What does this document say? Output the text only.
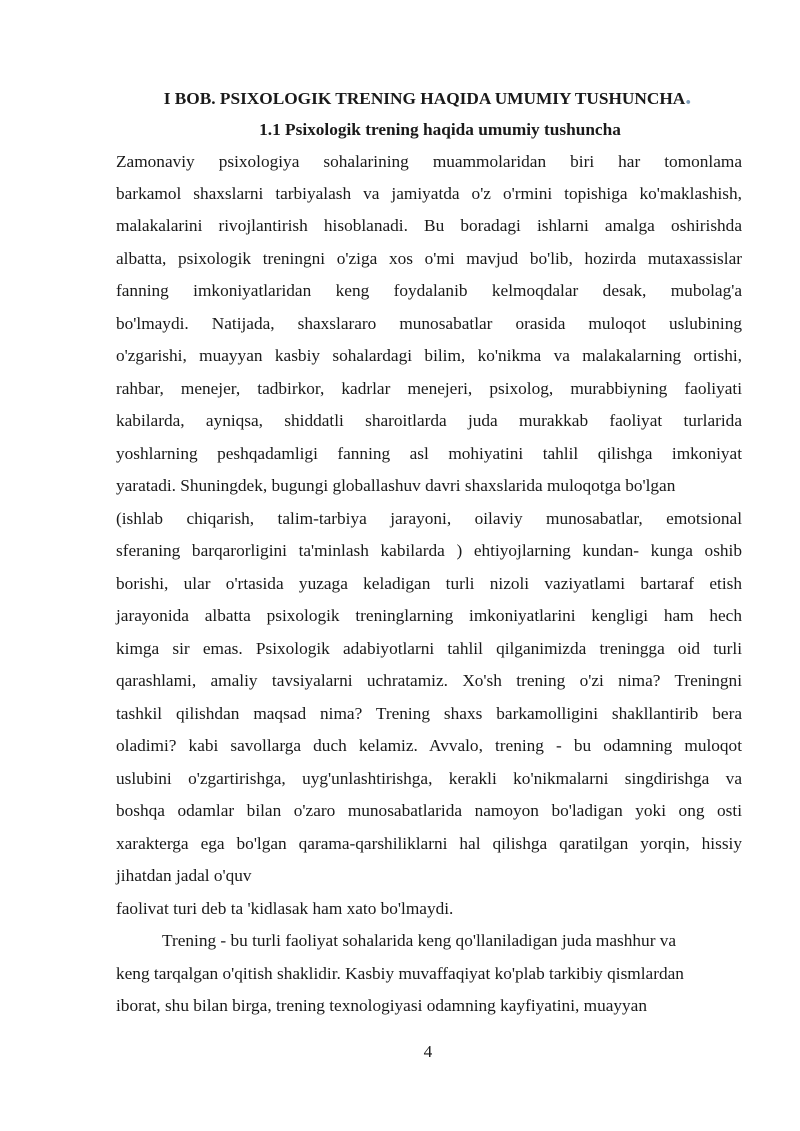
I BOB. PSIXOLOGIK TRENING HAQIDA UMUMIY TUSHUNCHA.
1.1 Psixologik trening haqida umumiy tushuncha

Zamonaviy psixologiya sohalarining muammolaridan biri har tomonlama

barkamol shaxslarni tarbiyalash va jamiyatda o'z o'rmini topishiga ko'maklashish,

malakalarini rivojlantirish hisoblanadi. Bu boradagi ishlarni amalga oshirishda

albatta, psixologik treningni o'ziga xos o'mi mavjud bo'lib, hozirda mutaxassislar

fanning imkoniyatlaridan keng foydalanib kelmoqdalar desak, mubolag'a

bo'lmaydi. Natijada, shaxslararo munosabatlar orasida muloqot uslubining

o'zgarishi, muayyan kasbiy sohalardagi bilim, ko'nikma va malakalarning ortishi,

rahbar, menejer, tadbirkor, kadrlar menejeri, psixolog, murabbiyning faoliyati

kabilarda, ayniqsa, shiddatli sharoitlarda juda murakkab faoliyat turlarida

yoshlarning peshqadamligi fanning asl mohiyatini tahlil qilishga imkoniyat

yaratadi. Shuningdek, bugungi globallashuv davri shaxslarida muloqotga bo'lgan

(ishlab chiqarish, talim-tarbiya jarayoni, oilaviy munosabatlar, emotsional

sferaning barqarorligini ta'minlash kabilarda ) ehtiyojlarning kundan- kunga oshib

borishi, ular o'rtasida yuzaga keladigan turli nizoli vaziyatlami bartaraf etish

jarayonida albatta psixologik treninglarning imkoniyatlarini kengligi ham hech

kimga sir emas. Psixologik adabiyotlarni tahlil qilganimizda treningga oid turli

qarashlami, amaliy tavsiyalarni uchratamiz. Xo'sh trening o'zi nima? Treningni

tashkil qilishdan maqsad nima? Trening shaxs barkamolligini shakllantirib bera

oladimi? kabi savollarga duch kelamiz. Avvalo, trening - bu odamning muloqot

uslubini o'zgartirishga, uyg'unlashtirishga, kerakli ko'nikmalarni singdirishga va

boshqa odamlar bilan o'zaro munosabatlarida namoyon bo'ladigan yoki ong osti

xarakterga ega bo'lgan qarama-qarshiliklarni hal qilishga qaratilgan yorqin, hissiy

jihatdan jadal o'quv

faolivat turi deb ta 'kidlasak ham xato bo'lmaydi.

Trening - bu turli faoliyat sohalarida keng qo'llaniladigan juda mashhur va

keng tarqalgan o'qitish shaklidir. Kasbiy muvaffaqiyat ko'plab tarkibiy qismlardan

iborat, shu bilan birga, trening texnologiyasi odamning kayfiyatini, muayyan

4
